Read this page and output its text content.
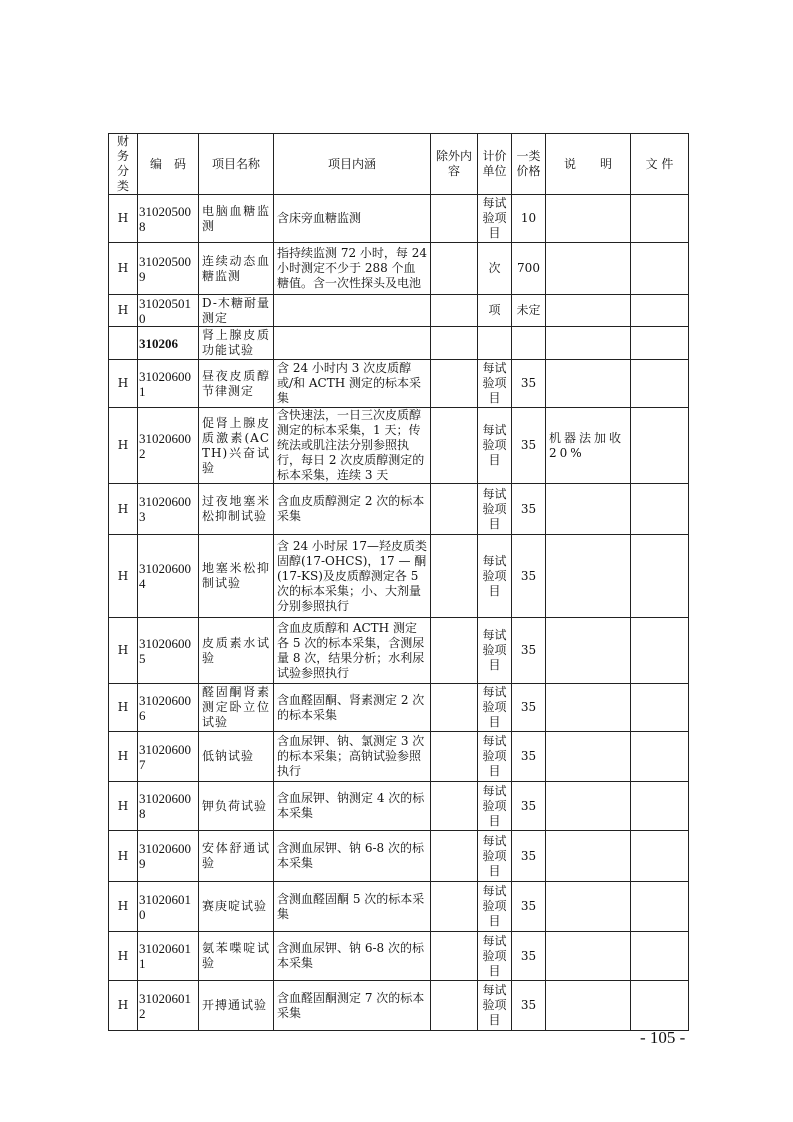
财务分类	编　码	项目名称	项目内涵	除外内容	计价单位	一类价格	说　　明	文 件
H	310205008	电脑血糖监测	含床旁血糖监测		每试验项目	10		
H	310205009	连续动态血糖监测	指持续监测 72 小时，每 24 小时测定不少于 288 个血糖值。含一次性探头及电池		次	700		
H	310205010	D-木糖耐量测定			项	未定		
	310206	肾上腺皮质功能试验						
H	310206001	昼夜皮质醇节律测定	含 24 小时内 3 次皮质醇或/和 ACTH 测定的标本采集		每试验项目	35		
H	310206002	促肾上腺皮质激素(ACTH)兴奋试验	含快速法，一日三次皮质醇测定的标本采集，1 天；传统法或肌注法分别参照执行，每日 2 次皮质醇测定的标本采集，连续 3 天		每试验项目	35	机器法加收20%	
H	310206003	过夜地塞米松抑制试验	含血皮质醇测定 2 次的标本采集		每试验项目	35		
H	310206004	地塞米松抑制试验	含 24 小时尿 17—羟皮质类固醇(17-OHCS)，17 — 酮(17-KS)及皮质醇测定各 5 次的标本采集；小、大剂量分别参照执行		每试验项目	35		
H	310206005	皮质素水试验	含血皮质醇和 ACTH 测定各 5 次的标本采集，含测尿量 8 次，结果分析；水利尿试验参照执行		每试验项目	35		
H	310206006	醛固酮肾素测定卧立位试验	含血醛固酮、肾素测定 2 次的标本采集		每试验项目	35		
H	310206007	低钠试验	含血尿钾、钠、氯测定 3 次的标本采集；高钠试验参照执行		每试验项目	35		
H	310206008	钾负荷试验	含血尿钾、钠测定 4 次的标本采集		每试验项目	35		
H	310206009	安体舒通试验	含测血尿钾、钠 6-8 次的标本采集		每试验项目	35		
H	310206010	赛庚啶试验	含测血醛固酮 5 次的标本采集		每试验项目	35		
H	310206011	氨苯喋啶试验	含测血尿钾、钠 6-8 次的标本采集		每试验项目	35		
H	310206012	开搏通试验	含血醛固酮测定 7 次的标本采集		每试验项目	35		
- 105 -
